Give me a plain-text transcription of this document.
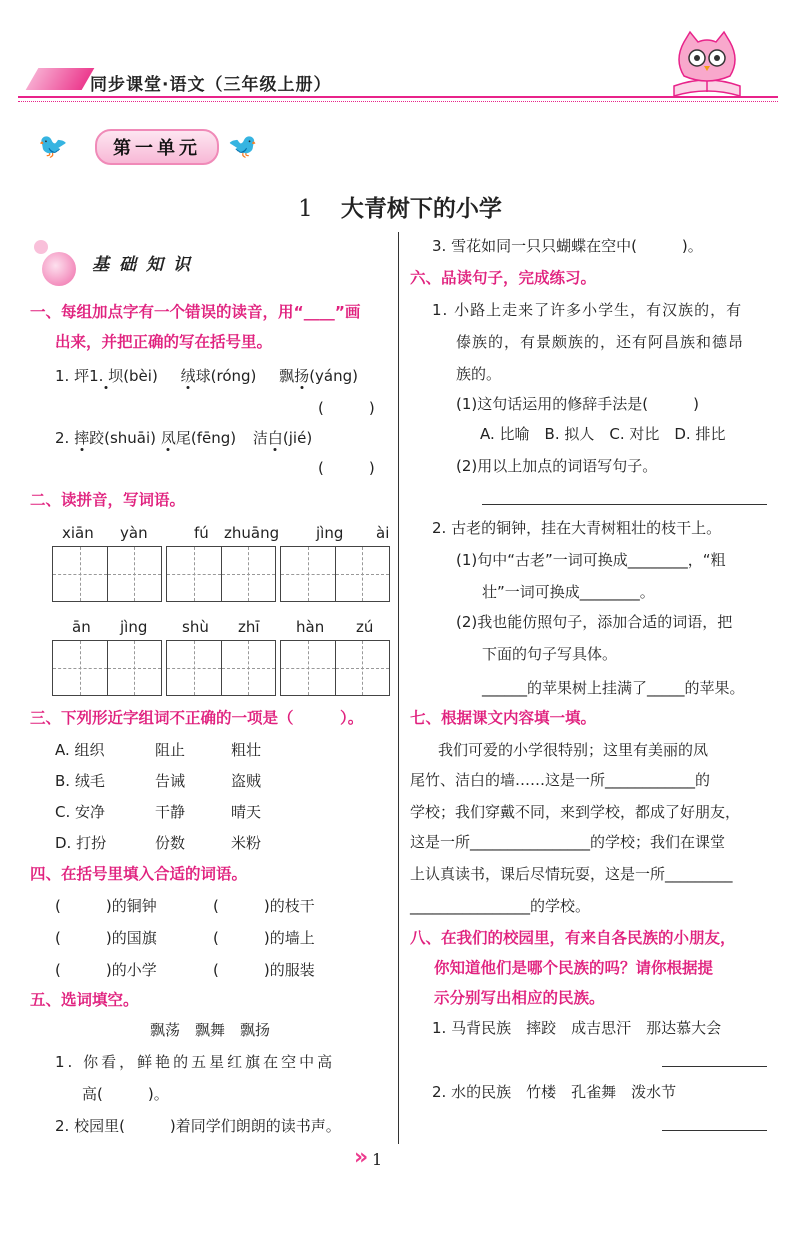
同步课堂·语文（三年级上册）
🐦	第一单元 🐦
1 大青树下的小学
基础知识
一、每组加点字有一个错误的读音，用“____”画
出来，并把正确的写在括号里。
1. 坪1. 坝(bèi) 绒球(róng) 飘扬(yáng)
(　　　)
2. 摔跤(shuāi) 凤尾(fēng) 洁白(jié)
(　　　)
二、读拼音，写词语。
xiān	yàn	fú	zhuāng	jìng	ài
ān	jìng	shù	zhī	hàn	zú
三、下列形近字组词不正确的一项是（　　　）。
A. 组织	阻止	粗壮
B. 绒毛	告诫	盗贼
C. 安净	干静	晴天
D. 打扮	份数	米粉
四、在括号里填入合适的词语。
(　　　)的铜钟	(　　　)的枝干
(　　　)的国旗	(　　　)的墙上
(　　　)的小学	(　　　)的服装
五、选词填空。
飘荡　飘舞　飘扬
1. 你看，鲜艳的五星红旗在空中高
高(　　　)。
2. 校园里(　　　)着同学们朗朗的读书声。
3. 雪花如同一只只蝴蝶在空中(　　　)。
六、品读句子，完成练习。
1. 小路上走来了许多小学生，有汉族的，有
傣族的，有景颇族的，还有阿昌族和德昂
族的。
(1)这句话运用的修辞手法是(　　　)
A. 比喻　B. 拟人　C. 对比　D. 排比
(2)用以上加点的词语写句子。
2. 古老的铜钟，挂在大青树粗壮的枝干上。
(1)句中“古老”一词可换成________，“粗
壮”一词可换成________。
(2)我也能仿照句子，添加合适的词语，把
下面的句子写具体。
______的苹果树上挂满了_____的苹果。
七、根据课文内容填一填。
我们可爱的小学很特别；这里有美丽的凤
尾竹、洁白的墙……这是一所____________的
学校；我们穿戴不同，来到学校，都成了好朋友，
这是一所________________的学校；我们在课堂
上认真读书，课后尽情玩耍，这是一所_________
________________的学校。
八、在我们的校园里，有来自各民族的小朋友，
你知道他们是哪个民族的吗？请你根据提
示分别写出相应的民族。
1. 马背民族　摔跤　成吉思汗　那达慕大会
2. 水的民族　竹楼　孔雀舞　泼水节
» 1
